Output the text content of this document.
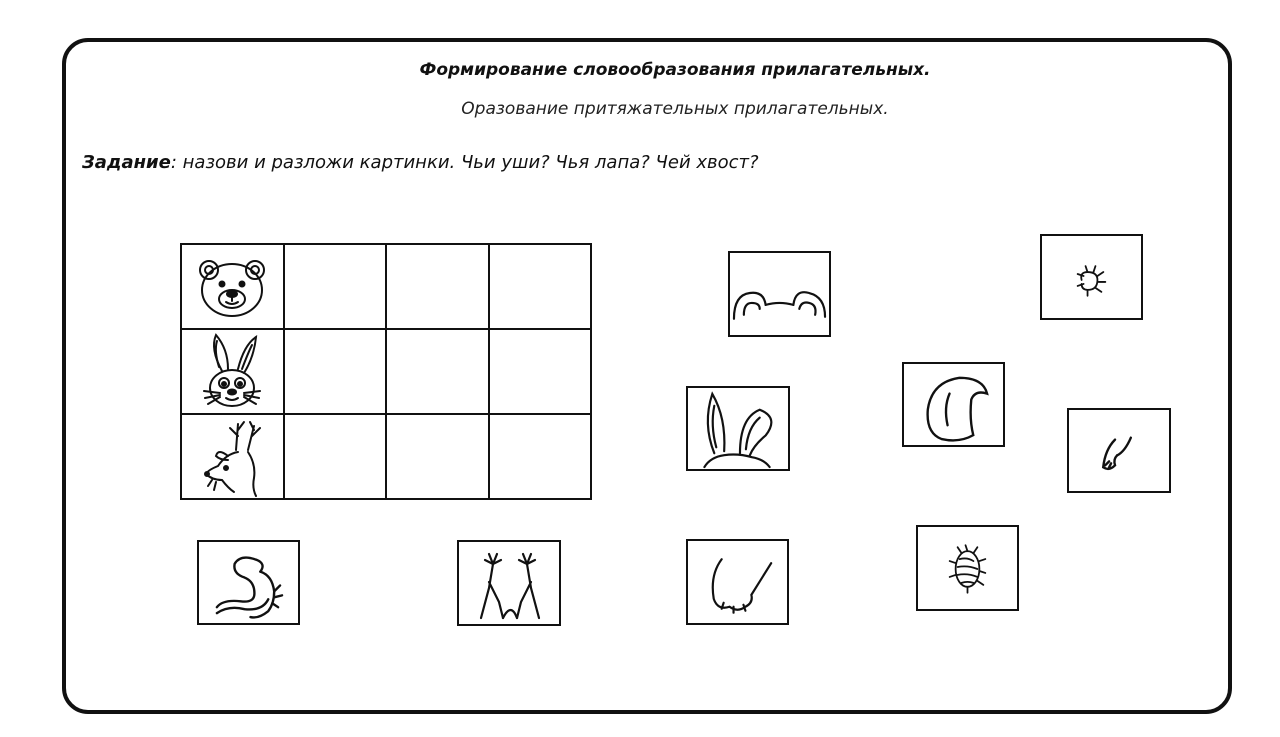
Формирование словообразования прилагательных.
Оразование притяжательных прилагательных.
Задание: назови и разложи картинки. Чьи уши? Чья лапа? Чей хвост?
